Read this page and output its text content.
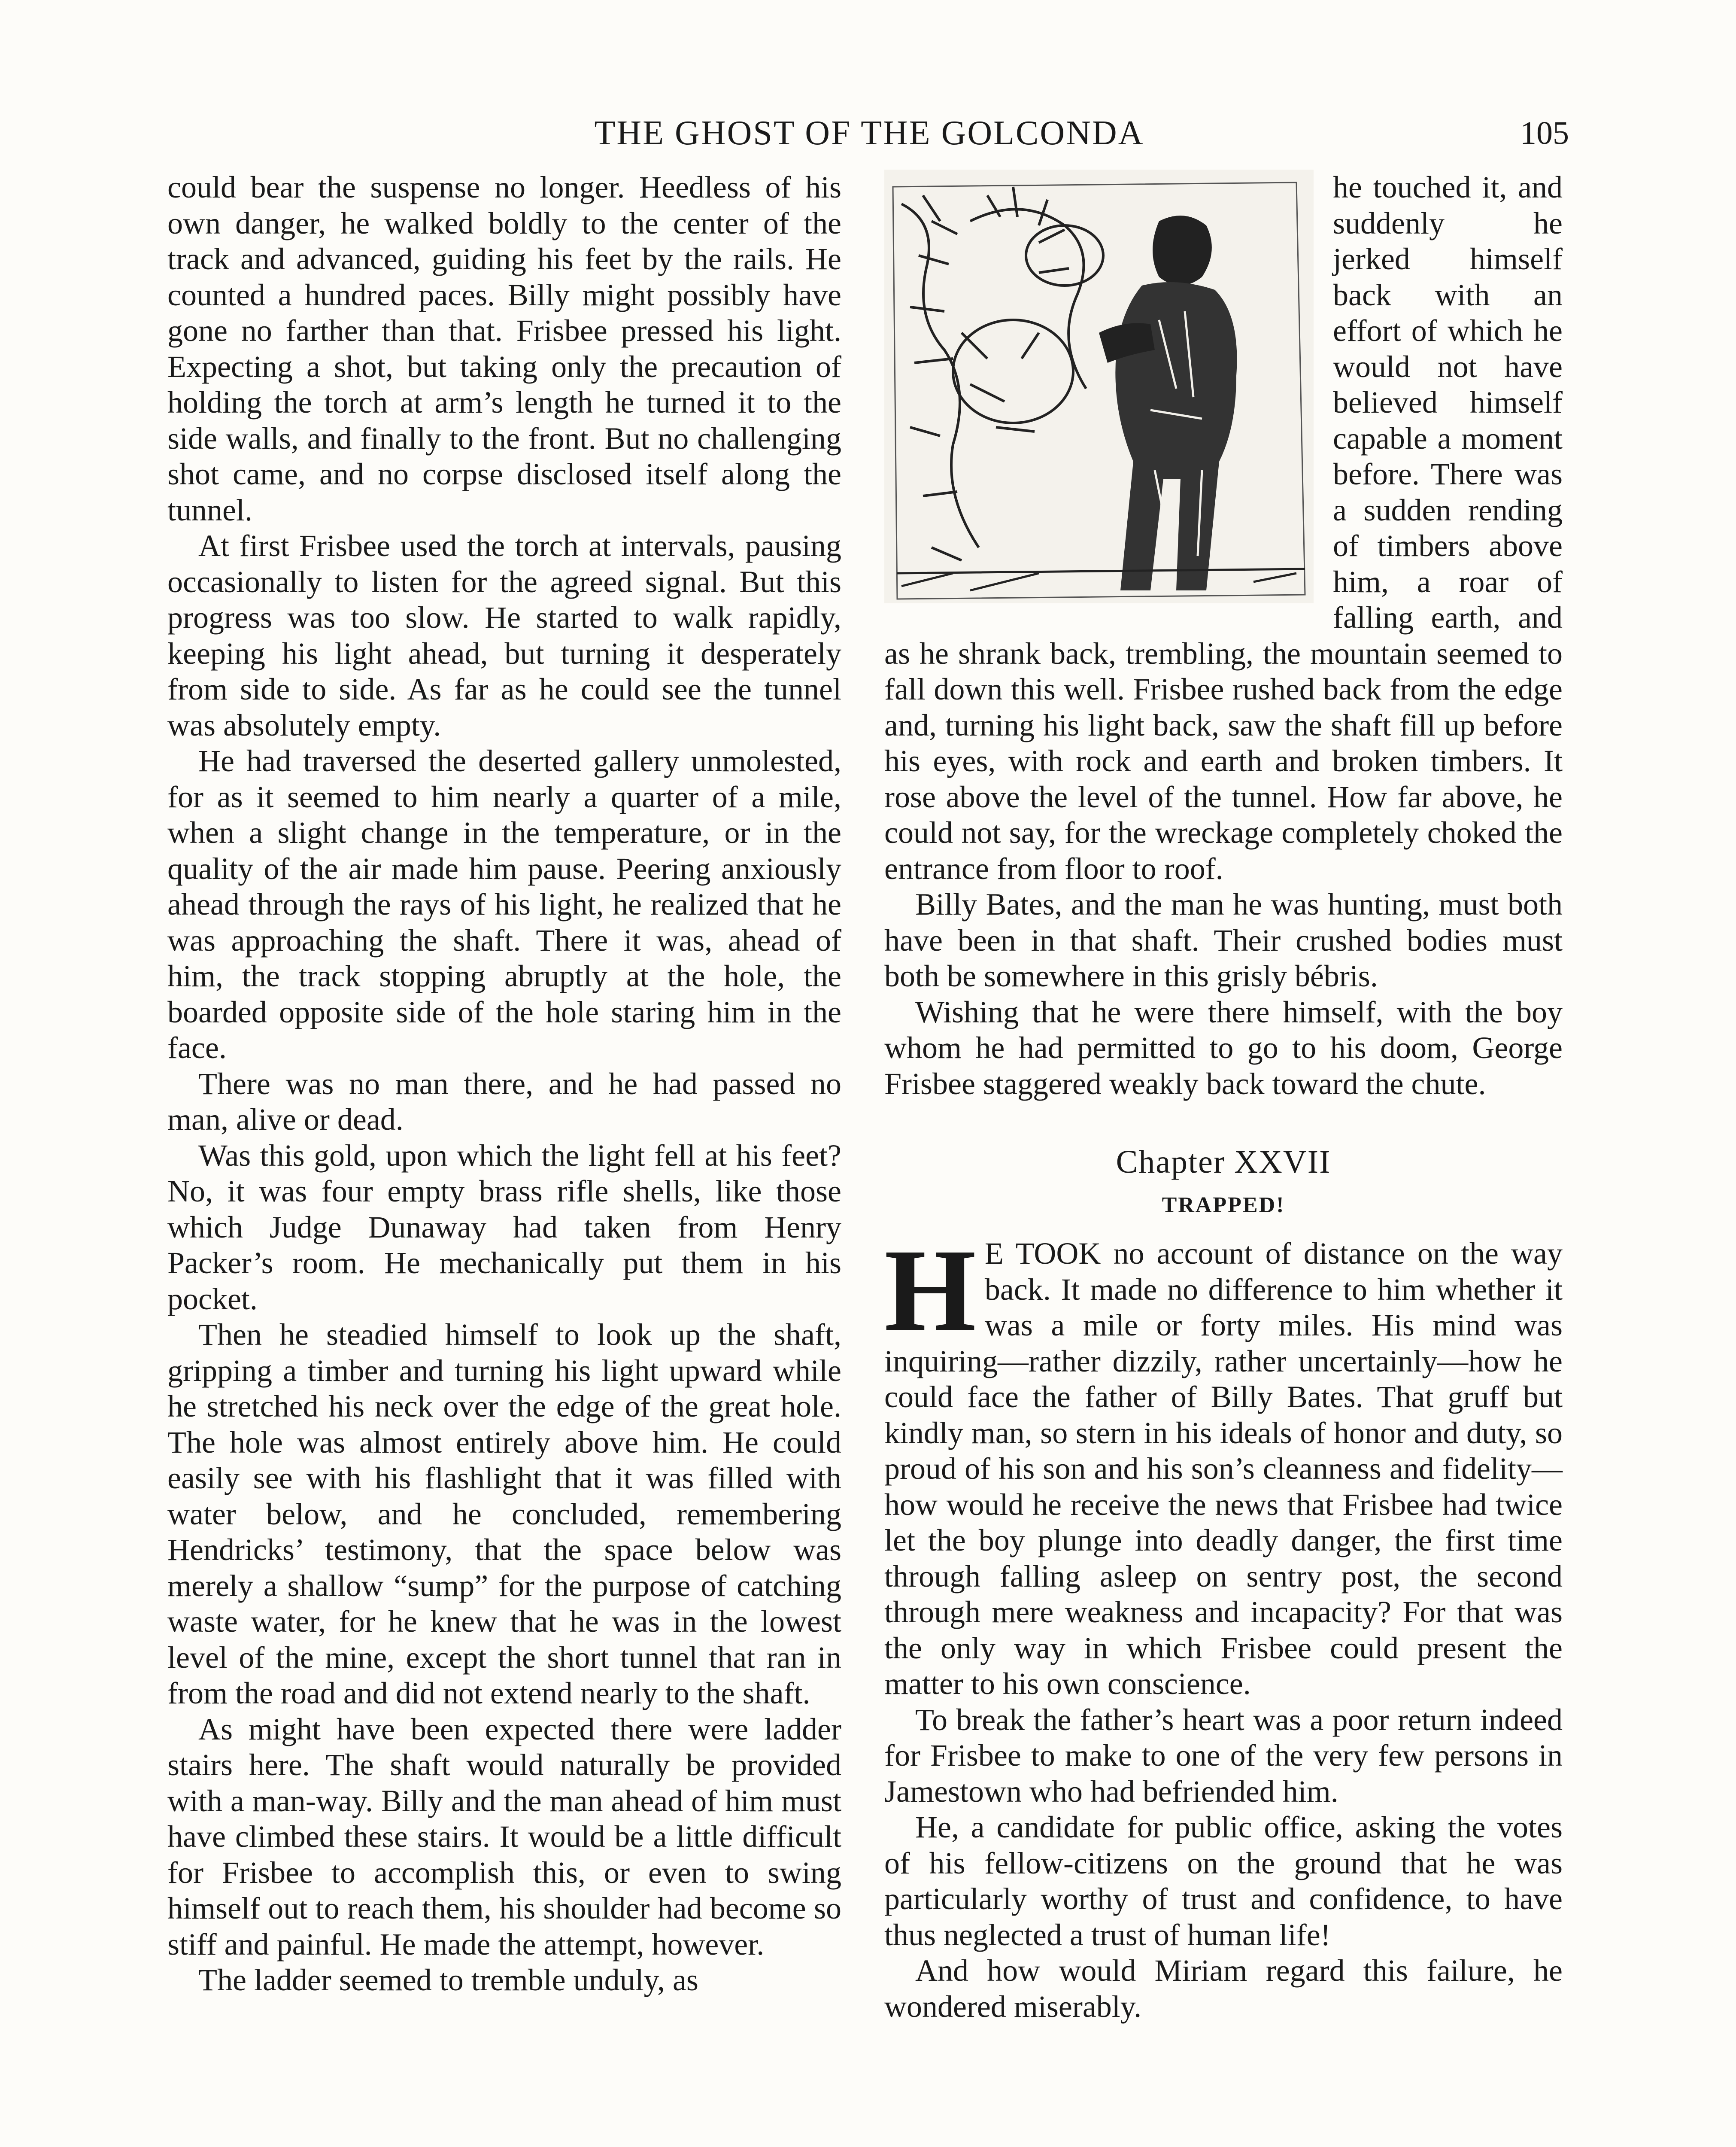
THE GHOST OF THE GOLCONDA	105

could bear the suspense no longer. Heedless of his own danger, he walked boldly to the center of the track and advanced, guiding his feet by the rails. He counted a hundred paces. Billy might possibly have gone no farther than that. Frisbee pressed his light. Expecting a shot, but taking only the precaution of holding the torch at arm’s length he turned it to the side walls, and finally to the front. But no challenging shot came, and no corpse disclosed itself along the tunnel.

At first Frisbee used the torch at intervals, pausing occasionally to listen for the agreed signal. But this progress was too slow. He started to walk rapidly, keeping his light ahead, but turning it desperately from side to side. As far as he could see the tunnel was absolutely empty.

He had traversed the deserted gallery unmolested, for as it seemed to him nearly a quarter of a mile, when a slight change in the temperature, or in the quality of the air made him pause. Peering anxiously ahead through the rays of his light, he realized that he was approaching the shaft. There it was, ahead of him, the track stopping abruptly at the hole, the boarded opposite side of the hole staring him in the face.

There was no man there, and he had passed no man, alive or dead.

Was this gold, upon which the light fell at his feet? No, it was four empty brass rifle shells, like those which Judge Dunaway had taken from Henry Packer’s room. He mechanically put them in his pocket.

Then he steadied himself to look up the shaft, gripping a timber and turning his light upward while he stretched his neck over the edge of the great hole. The hole was almost entirely above him. He could easily see with his flashlight that it was filled with water below, and he concluded, remembering Hendricks’ testimony, that the space below was merely a shallow “sump” for the purpose of catching waste water, for he knew that he was in the lowest level of the mine, except the short tunnel that ran in from the road and did not extend nearly to the shaft.

As might have been expected there were ladder stairs here. The shaft would naturally be provided with a man-way. Billy and the man ahead of him must have climbed these stairs. It would be a little difficult for Frisbee to accomplish this, or even to swing himself out to reach them, his shoulder had become so stiff and painful. He made the attempt, however.

The ladder seemed to tremble unduly, as

he touched it, and suddenly he jerked himself back with an effort of which he would not have believed himself capable a moment before. There was a sudden rending of timbers above him, a roar of falling earth, and as he shrank back, trembling, the mountain seemed to fall down this well. Frisbee rushed back from the edge and, turning his light back, saw the shaft fill up before his eyes, with rock and earth and broken timbers. It rose above the level of the tunnel. How far above, he could not say, for the wreckage completely choked the entrance from floor to roof.

Billy Bates, and the man he was hunting, must both have been in that shaft. Their crushed bodies must both be somewhere in this grisly bébris.

Wishing that he were there himself, with the boy whom he had permitted to go to his doom, George Frisbee staggered weakly back toward the chute.

Chapter XXVII
TRAPPED!

H E TOOK no account of distance on the way back. It made no difference to him whether it was a mile or forty miles. His mind was inquiring—rather dizzily, rather uncertainly—how he could face the father of Billy Bates. That gruff but kindly man, so stern in his ideals of honor and duty, so proud of his son and his son’s cleanness and fidelity—how would he receive the news that Frisbee had twice let the boy plunge into deadly danger, the first time through falling asleep on sentry post, the second through mere weakness and incapacity? For that was the only way in which Frisbee could present the matter to his own conscience.

To break the father’s heart was a poor return indeed for Frisbee to make to one of the very few persons in Jamestown who had befriended him.

He, a candidate for public office, asking the votes of his fellow-citizens on the ground that he was particularly worthy of trust and confidence, to have thus neglected a trust of human life!

And how would Miriam regard this failure, he wondered miserably.
